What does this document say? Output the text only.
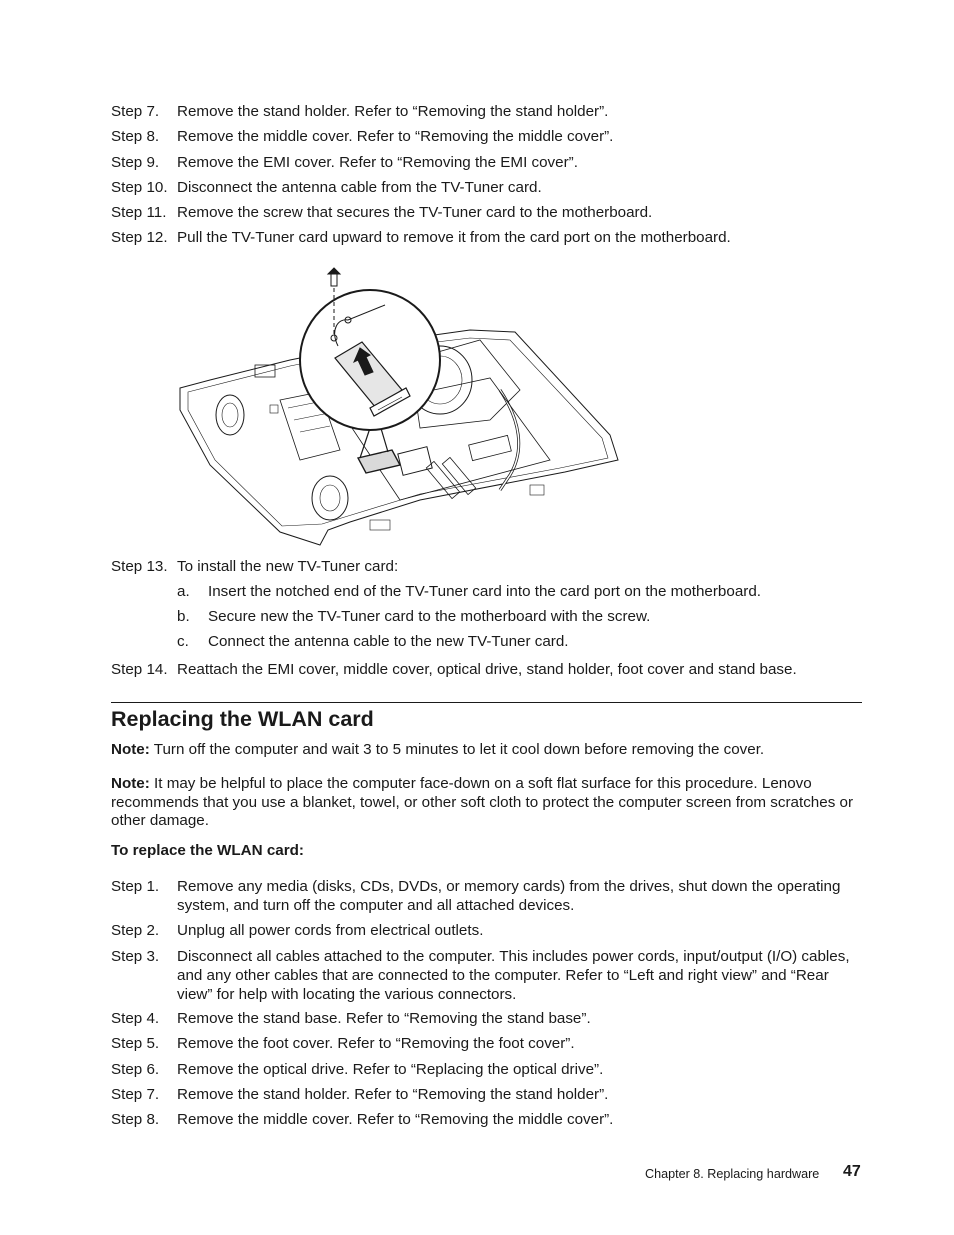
Step 7. Remove the stand holder. Refer to “Removing the stand holder”.
Step 8. Remove the middle cover. Refer to “Removing the middle cover”.
Step 9. Remove the EMI cover. Refer to “Removing the EMI cover”.
Step 10. Disconnect the antenna cable from the TV-Tuner card.
Step 11. Remove the screw that secures the TV-Tuner card to the motherboard.
Step 12. Pull the TV-Tuner card upward to remove it from the card port on the motherboard.
Step 13. To install the new TV-Tuner card:
a. Insert the notched end of the TV-Tuner card into the card port on the motherboard.
b. Secure new the TV-Tuner card to the motherboard with the screw.
c. Connect the antenna cable to the new TV-Tuner card.
Step 14. Reattach the EMI cover, middle cover, optical drive, stand holder, foot cover and stand base.
Replacing the WLAN card
Note: Turn off the computer and wait 3 to 5 minutes to let it cool down before removing the cover.
Note: It may be helpful to place the computer face-down on a soft flat surface for this procedure. Lenovo recommends that you use a blanket, towel, or other soft cloth to protect the computer screen from scratches or other damage.
To replace the WLAN card:
Step 1. Remove any media (disks, CDs, DVDs, or memory cards) from the drives, shut down the operating system, and turn off the computer and all attached devices.
Step 2. Unplug all power cords from electrical outlets.
Step 3. Disconnect all cables attached to the computer. This includes power cords, input/output (I/O) cables, and any other cables that are connected to the computer. Refer to “Left and right view” and “Rear view” for help with locating the various connectors.
Step 4. Remove the stand base. Refer to “Removing the stand base”.
Step 5. Remove the foot cover. Refer to “Removing the foot cover”.
Step 6. Remove the optical drive. Refer to “Replacing the optical drive”.
Step 7. Remove the stand holder. Refer to “Removing the stand holder”.
Step 8. Remove the middle cover. Refer to “Removing the middle cover”.
Chapter 8. Replacing hardware 47
